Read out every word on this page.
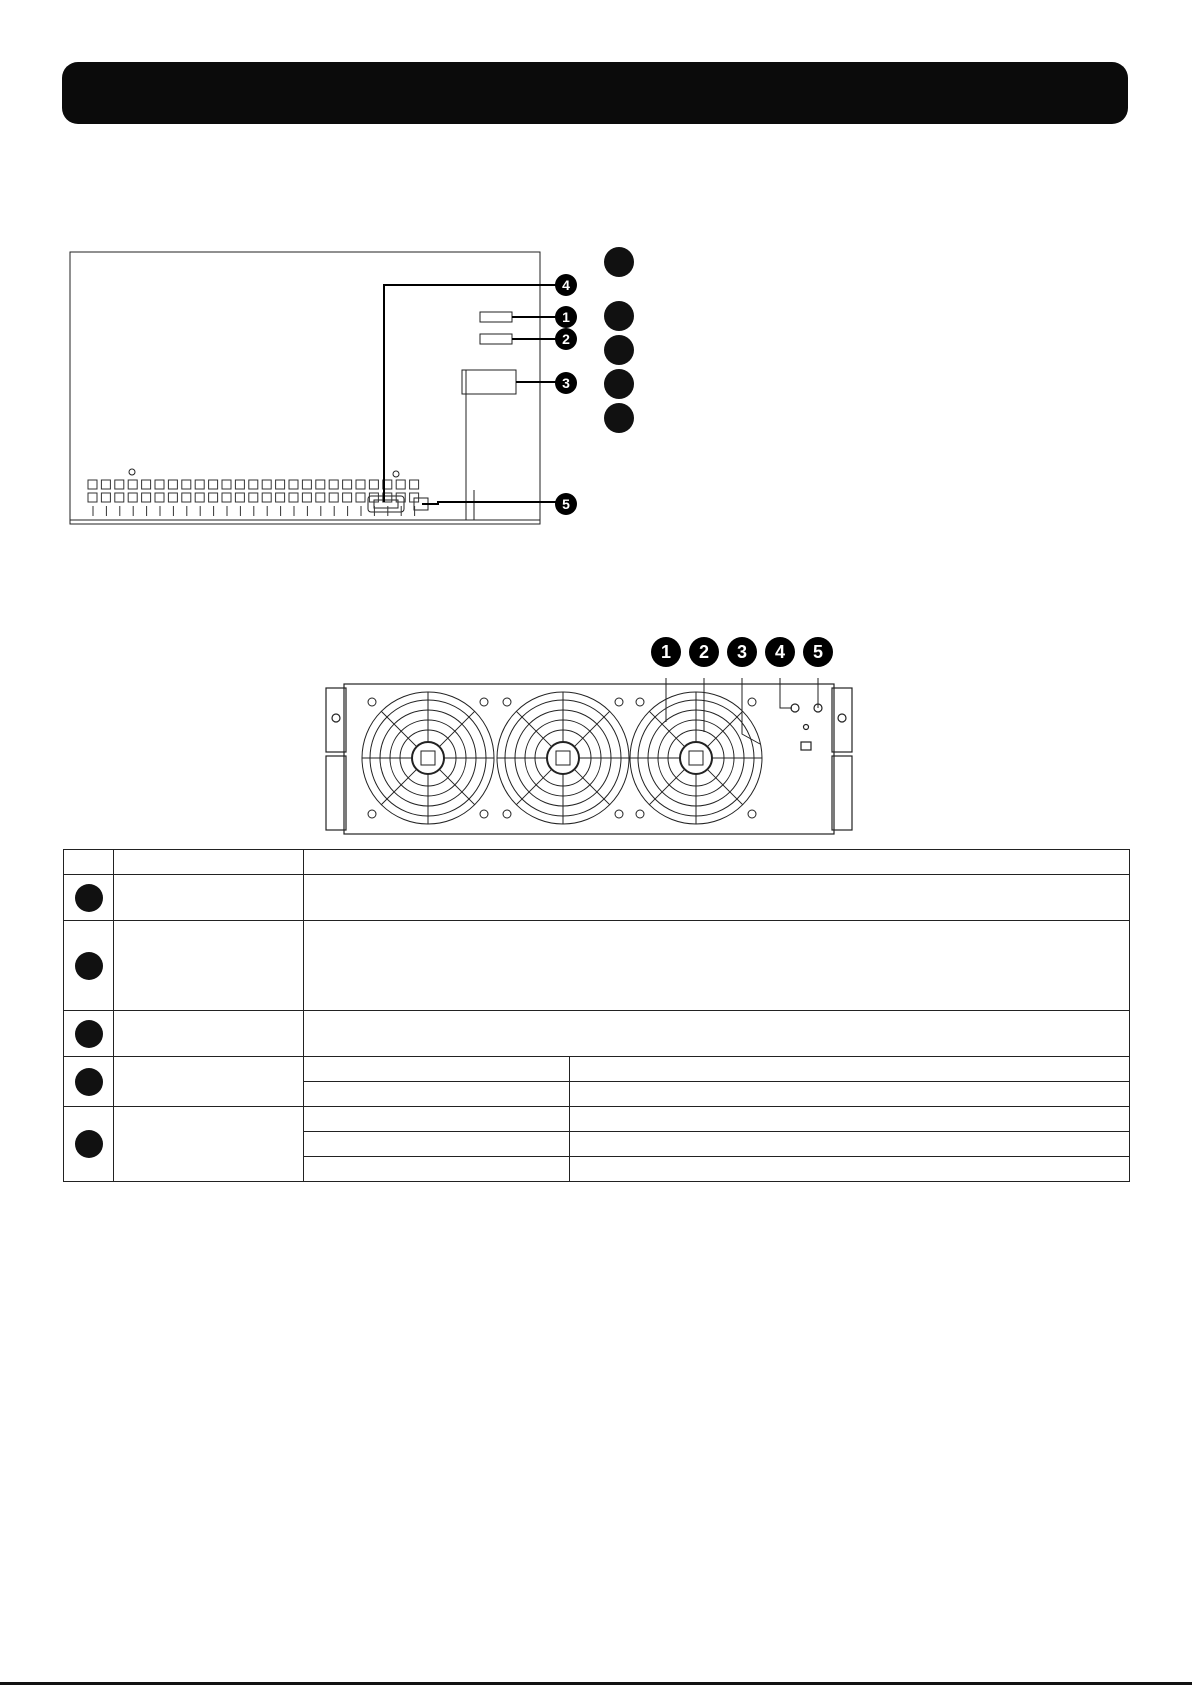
4
1
2
3
5
1 2 3 4 5
